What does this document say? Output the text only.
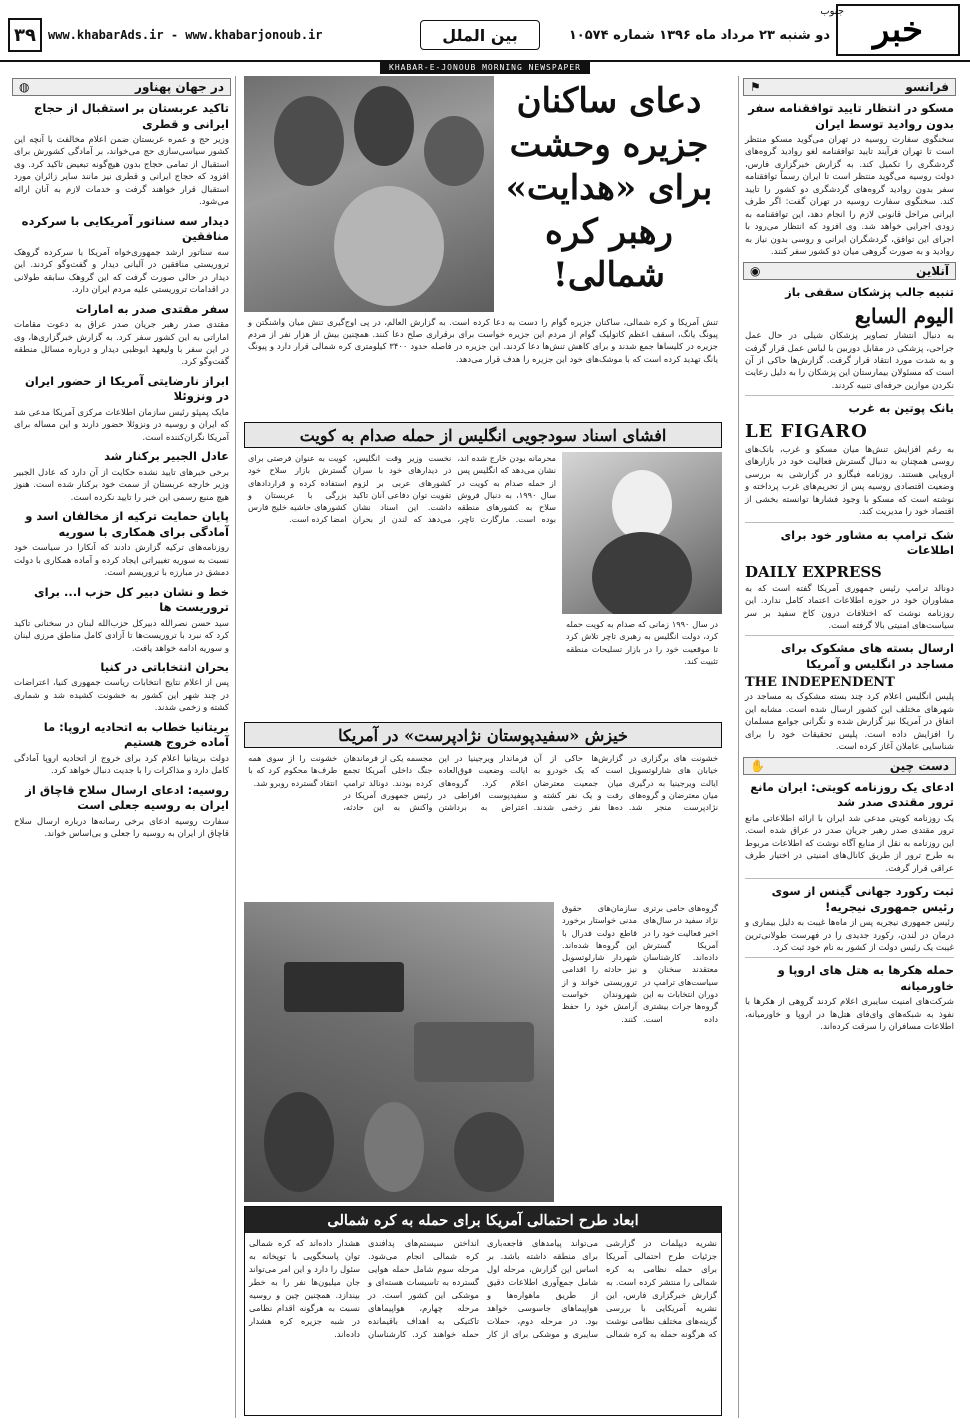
خبر
جنوب
دو شنبه ۲۳ مرداد ماه ۱۳۹۶ شماره ۱۰۵۷۴
بین الملل
www.khabarAds.ir - www.khabarjonoub.ir
۳۹
KHABAR-E-JONOUB MORNING NEWSPAPER
فرانسو
⚑
مسکو در انتظار تایید توافقنامه سفر بدون روادید توسط ایران

سخنگوی سفارت روسیه در تهران می‌گوید مسکو منتظر است تا تهران فرآیند تایید توافقنامه لغو روادید گروه‌های گردشگری را تکمیل کند. به گزارش خبرگزاری فارس، دولت روسیه می‌گوید منتظر است تا ایران رسماً توافقنامه سفر بدون روادید گروه‌های گردشگری دو کشور را تایید کند. سخنگوی سفارت روسیه در تهران گفت: اگر طرف ایرانی مراحل قانونی لازم را انجام دهد، این توافقنامه به زودی اجرایی خواهد شد. وی افزود که انتظار می‌رود با اجرای این توافق، گردشگران ایرانی و روسی بدون نیاز به روادید و به صورت گروهی میان دو کشور سفر کنند.

آنلاین
◉
تنبیه جالب پزشکان سقفی باز
اليوم السابع

به دنبال انتشار تصاویر پزشکان شیلی در حال عمل جراحی، پزشکی در مقابل دوربین با لباس عمل قرار گرفت و به شدت مورد انتقاد قرار گرفت. گزارش‌ها حاکی از آن است که مسئولان بیمارستان این پزشکان را به دلیل رعایت نکردن موازین حرفه‌ای تنبیه کردند.

بانک پوتین به غرب
LE FIGARO

به رغم افزایش تنش‌ها میان مسکو و غرب، بانک‌های روسی همچنان به دنبال گسترش فعالیت خود در بازارهای اروپایی هستند. روزنامه فیگارو در گزارشی به بررسی وضعیت اقتصادی روسیه پس از تحریم‌های غرب پرداخته و نوشته است که مسکو با وجود فشارها توانسته بخشی از اقتصاد خود را مدیریت کند.

شک ترامپ به مشاور خود برای اطلاعات
DAILY EXPRESS

دونالد ترامپ رئیس جمهوری آمریکا گفته است که به مشاوران خود در حوزه اطلاعات اعتماد کامل ندارد. این روزنامه نوشت که اختلافات درون کاخ سفید بر سر سیاست‌های امنیتی بالا گرفته است.

ارسال بسته های مشکوک برای مساجد در انگلیس و آمریکا
THE INDEPENDENT

پلیس انگلیس اعلام کرد چند بسته مشکوک به مساجد در شهرهای مختلف این کشور ارسال شده است. مشابه این اتفاق در آمریکا نیز گزارش شده و نگرانی جوامع مسلمان را افزایش داده است. پلیس تحقیقات خود را برای شناسایی عاملان آغاز کرده است.

دست چین
✋
ادعای یک روزنامه کویتی: ایران مانع ترور مقتدی صدر شد

یک روزنامه کویتی مدعی شد ایران با ارائه اطلاعاتی مانع ترور مقتدی صدر رهبر جریان صدر در عراق شده است. این روزنامه به نقل از منابع آگاه نوشت که اطلاعات مربوط به طرح ترور از طریق کانال‌های امنیتی در اختیار طرف عراقی قرار گرفت.

ثبت رکورد جهانی گینس از سوی رئیس جمهوری نیجریه!

رئیس جمهوری نیجریه پس از ماه‌ها غیبت به دلیل بیماری و درمان در لندن، رکورد جدیدی را در فهرست طولانی‌ترین غیبت یک رئیس دولت از کشور به نام خود ثبت کرد.

حمله هکرها به هتل های اروپا و خاورمیانه

شرکت‌های امنیت سایبری اعلام کردند گروهی از هکرها با نفوذ به شبکه‌های وای‌فای هتل‌ها در اروپا و خاورمیانه، اطلاعات مسافران را سرقت کرده‌اند.

در جهان پهناور
◍
تاکید عربستان بر استقبال از حجاج ایرانی و قطری

وزیر حج و عمره عربستان ضمن اعلام مخالفت با آنچه این کشور سیاسی‌سازی حج می‌خواند، بر آمادگی کشورش برای استقبال از تمامی حجاج بدون هیچ‌گونه تبعیض تاکید کرد. وی افزود که حجاج ایرانی و قطری نیز مانند سایر زائران مورد استقبال قرار خواهند گرفت و خدمات لازم به آنان ارائه می‌شود.

دیدار سه سناتور آمریکایی با سرکرده منافقین

سه سناتور ارشد جمهوری‌خواه آمریکا با سرکرده گروهک تروریستی منافقین در آلبانی دیدار و گفت‌وگو کردند. این دیدار در حالی صورت گرفت که این گروهک سابقه طولانی در اقدامات تروریستی علیه مردم ایران دارد.

سفر مقتدی صدر به امارات

مقتدی صدر رهبر جریان صدر عراق به دعوت مقامات اماراتی به این کشور سفر کرد. به گزارش خبرگزاری‌ها، وی در این سفر با ولیعهد ابوظبی دیدار و درباره مسائل منطقه گفت‌وگو کرد.

ابراز نارضایتی آمریکا از حضور ایران در ونزوئلا

مایک پمپئو رئیس سازمان اطلاعات مرکزی آمریکا مدعی شد که ایران و روسیه در ونزوئلا حضور دارند و این مساله برای آمریکا نگران‌کننده است.

عادل الجبیر برکنار شد

برخی خبرهای تایید نشده حکایت از آن دارد که عادل الجبیر وزیر خارجه عربستان از سمت خود برکنار شده است. هنوز هیچ منبع رسمی این خبر را تایید نکرده است.

پایان حمایت ترکیه از مخالفان اسد و آمادگی برای همکاری با سوریه

روزنامه‌های ترکیه گزارش دادند که آنکارا در سیاست خود نسبت به سوریه تغییراتی ایجاد کرده و آماده همکاری با دولت دمشق در مبارزه با تروریسم است.

خط و نشان دبیر کل حزب ا... برای تروریست ها

سید حسن نصرالله دبیرکل حزب‌الله لبنان در سخنانی تاکید کرد که نبرد با تروریست‌ها تا آزادی کامل مناطق مرزی لبنان و سوریه ادامه خواهد یافت.

بحران انتخاباتی در کنیا

پس از اعلام نتایج انتخابات ریاست جمهوری کنیا، اعتراضات در چند شهر این کشور به خشونت کشیده شد و شماری کشته و زخمی شدند.

بریتانیا خطاب به اتحادیه اروپا: ما آماده خروج هستیم

دولت بریتانیا اعلام کرد برای خروج از اتحادیه اروپا آمادگی کامل دارد و مذاکرات را با جدیت دنبال خواهد کرد.

روسیه: ادعای ارسال سلاح قاچاق از ایران به روسیه جعلی است

سفارت روسیه ادعای برخی رسانه‌ها درباره ارسال سلاح قاچاق از ایران به روسیه را جعلی و بی‌اساس خواند.

دعای ساکنان جزیره وحشت برای «هدایت» رهبر کره شمالی!
تنش آمریکا و کره شمالی، ساکنان جزیره گوام را دست به دعا کرده است. به گزارش العالم، در پی اوج‌گیری تنش میان واشنگتن و پیونگ یانگ، اسقف اعظم کاتولیک گوام از مردم این جزیره خواست برای برقراری صلح دعا کنند. همچنین بیش از هزار نفر از مردم جزیره در کلیساها جمع شدند و برای کاهش تنش‌ها دعا کردند. این جزیره در فاصله حدود ۳۴۰۰ کیلومتری کره شمالی قرار دارد و پیونگ یانگ تهدید کرده است که با موشک‌های خود این جزیره را هدف قرار می‌دهد.
افشای اسناد سودجویی انگلیس از حمله صدام به کویت
محرمانه بودن خارج شده اند، نشان می‌دهد که انگلیس پس از حمله صدام به کویت در سال ۱۹۹۰، به دنبال فروش سلاح به کشورهای منطقه بوده است. مارگارت تاچر، نخست وزیر وقت انگلیس، در دیدارهای خود با سران کشورهای عربی بر لزوم تقویت توان دفاعی آنان تاکید داشت. این اسناد نشان می‌دهد که لندن از بحران کویت به عنوان فرصتی برای گسترش بازار سلاح خود استفاده کرده و قراردادهای بزرگی با عربستان و کشورهای حاشیه خلیج فارس امضا کرده است.
در سال ۱۹۹۰ زمانی که صدام به کویت حمله کرد، دولت انگلیس به رهبری تاچر تلاش کرد تا موقعیت خود را در بازار تسلیحات منطقه تثبیت کند.
خیزش «سفیدپوستان نژادپرست» در آمریکا
خشونت های برگزاری در خیابان های شارلوتسویل ایالت ویرجینیا به درگیری میان معترضان و گروه‌های نژادپرست منجر شد. گزارش‌ها حاکی از آن است که یک خودرو به میان جمعیت معترضان رفت و یک نفر کشته و ده‌ها نفر زخمی شدند. فرماندار ویرجینیا در این ایالت وضعیت فوق‌العاده اعلام کرد. گروه‌های سفیدپوست افراطی در اعتراض به برداشتن مجسمه یکی از فرماندهان جنگ داخلی آمریکا تجمع کرده بودند. دونالد ترامپ رئیس جمهوری آمریکا در واکنش به این حادثه، خشونت را از سوی همه طرف‌ها محکوم کرد که با انتقاد گسترده روبرو شد.
گروه‌های حامی برتری نژاد سفید در سال‌های اخیر فعالیت خود را در آمریکا گسترش داده‌اند. کارشناسان معتقدند سخنان و سیاست‌های ترامپ در دوران انتخابات به این گروه‌ها جرات بیشتری داده است. سازمان‌های حقوق مدنی خواستار برخورد قاطع دولت فدرال با این گروه‌ها شده‌اند. شهردار شارلوتسویل نیز حادثه را اقدامی تروریستی خواند و از شهروندان خواست آرامش خود را حفظ کنند.
ابعاد طرح احتمالی آمریکا برای حمله به کره شمالی
نشریه دیپلمات در گزارشی جزئیات طرح احتمالی آمریکا برای حمله نظامی به کره شمالی را منتشر کرده است. به گزارش خبرگزاری فارس، این نشریه آمریکایی با بررسی گزینه‌های مختلف نظامی نوشت که هرگونه حمله به کره شمالی می‌تواند پیامدهای فاجعه‌باری برای منطقه داشته باشد. بر اساس این گزارش، مرحله اول شامل جمع‌آوری اطلاعات دقیق از طریق ماهواره‌ها و هواپیماهای جاسوسی خواهد بود. در مرحله دوم، حملات سایبری و موشکی برای از کار انداختن سیستم‌های پدافندی کره شمالی انجام می‌شود. مرحله سوم شامل حمله هوایی گسترده به تاسیسات هسته‌ای و موشکی این کشور است. در مرحله چهارم، هواپیماهای تاکتیکی به اهداف باقیمانده حمله خواهند کرد. کارشناسان هشدار داده‌اند که کره شمالی توان پاسخگویی با توپخانه به سئول را دارد و این امر می‌تواند جان میلیون‌ها نفر را به خطر بیندازد. همچنین چین و روسیه نسبت به هرگونه اقدام نظامی در شبه جزیره کره هشدار داده‌اند.
